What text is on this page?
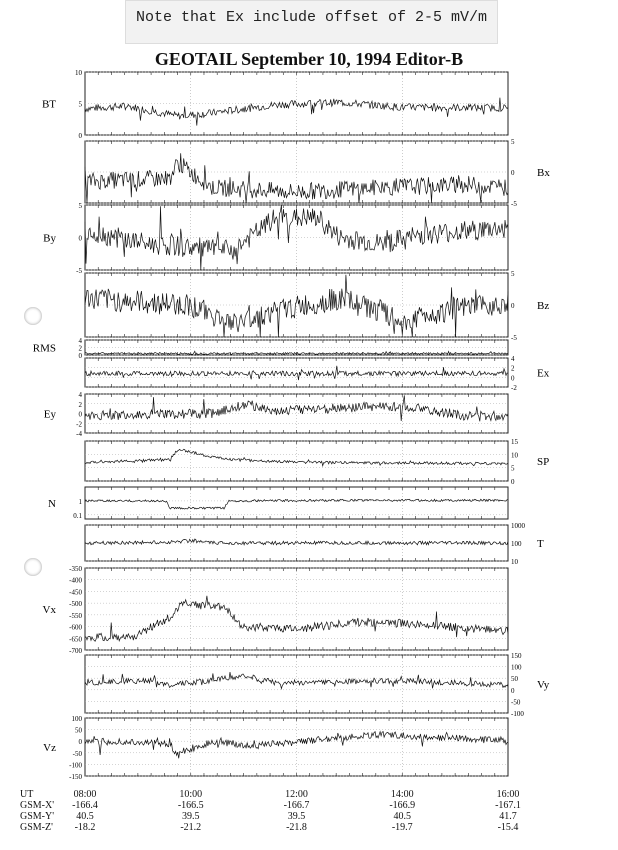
Note that Ex include offset of 2-5 mV/m
GEOTAIL September 10, 1994 Editor-B
10
5
0
BT
5
0
-5
Bx
5
0
-5
By
5
0
-5
Bz
4
2
0
RMS
4
2
0
-2
Ex
4
2
0
-2
-4
Ey
15
10
5
0
SP
1
0.1
N
1000
100
10
T
-350
-400
-450
-500
-550
-600
-650
-700
Vx
150
100
50
0
-50
-100
Vy
100
50
0
-50
-100
-150
Vz
UT
GSM-X'
GSM-Y'
GSM-Z'
08:00
-166.4
40.5
-18.2
10:00
-166.5
39.5
-21.2
12:00
-166.7
39.5
-21.8
14:00
-166.9
40.5
-19.7
16:00
-167.1
41.7
-15.4
